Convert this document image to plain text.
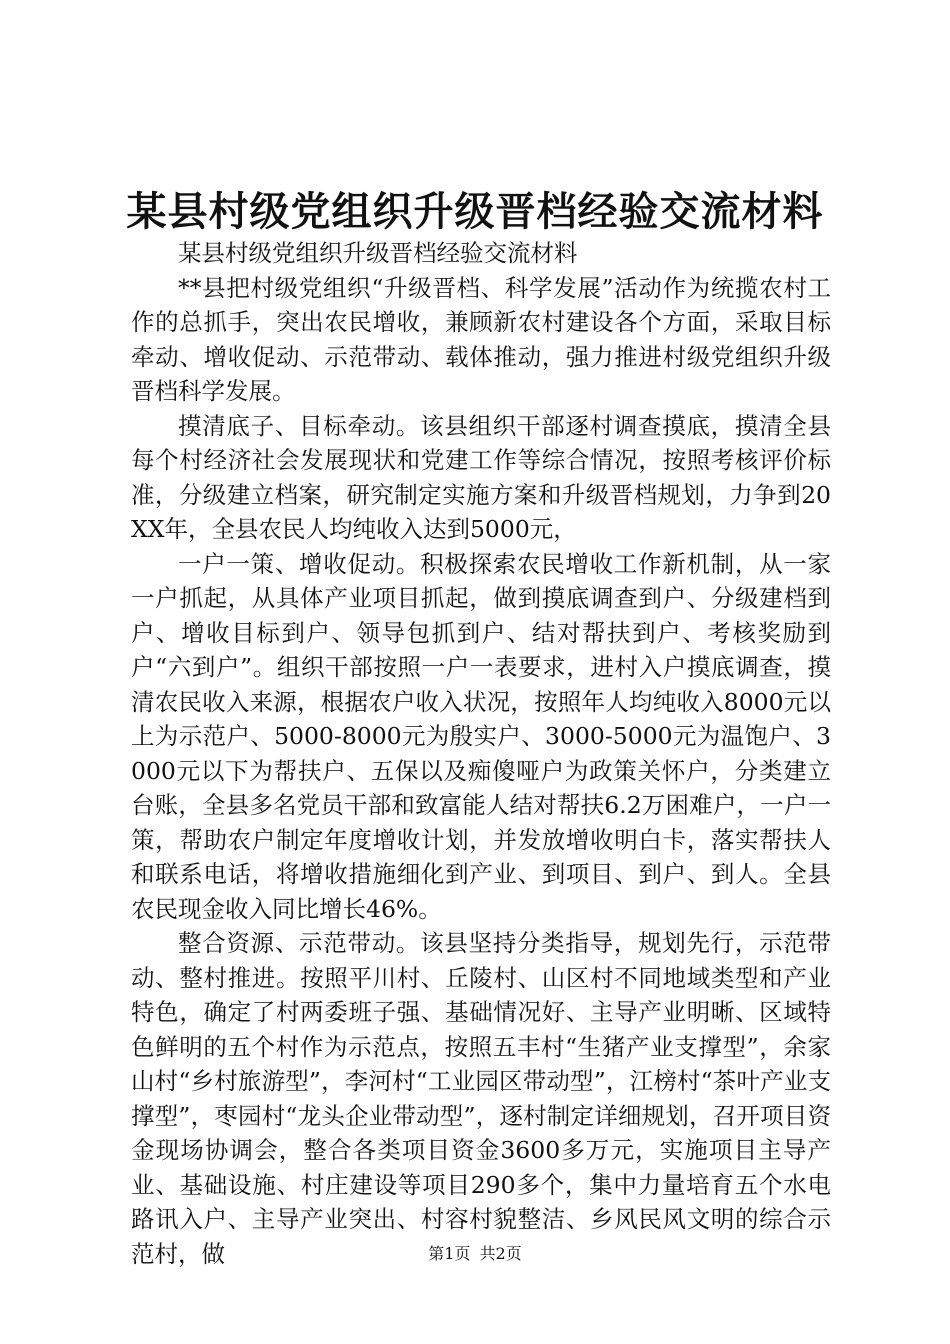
某县村级党组织升级晋档经验交流材料

某县村级党组织升级晋档经验交流材料

**县把村级党组织“升级晋档、科学发展”活动作为统揽农村工作的总抓手，突出农民增收，兼顾新农村建设各个方面，采取目标牵动、增收促动、示范带动、载体推动，强力推进村级党组织升级晋档科学发展。

摸清底子、目标牵动。该县组织干部逐村调查摸底，摸清全县每个村经济社会发展现状和党建工作等综合情况，按照考核评价标准，分级建立档案，研究制定实施方案和升级晋档规划，力争到20XX年，全县农民人均纯收入达到5000元，

一户一策、增收促动。积极探索农民增收工作新机制，从一家一户抓起，从具体产业项目抓起，做到摸底调查到户、分级建档到户、增收目标到户、领导包抓到户、结对帮扶到户、考核奖励到户“六到户”。组织干部按照一户一表要求，进村入户摸底调查，摸清农民收入来源，根据农户收入状况，按照年人均纯收入8000元以上为示范户、5000-8000元为殷实户、3000-5000元为温饱户、3000元以下为帮扶户、五保以及痴傻哑户为政策关怀户，分类建立台账，全县多名党员干部和致富能人结对帮扶6.2万困难户，一户一策，帮助农户制定年度增收计划，并发放增收明白卡，落实帮扶人和联系电话，将增收措施细化到产业、到项目、到户、到人。全县农民现金收入同比增长46%。

整合资源、示范带动。该县坚持分类指导，规划先行，示范带动、整村推进。按照平川村、丘陵村、山区村不同地域类型和产业特色，确定了村两委班子强、基础情况好、主导产业明晰、区域特色鲜明的五个村作为示范点，按照五丰村“生猪产业支撑型”，余家山村“乡村旅游型”，李河村“工业园区带动型”，江榜村“茶叶产业支撑型”，枣园村“龙头企业带动型”，逐村制定详细规划，召开项目资金现场协调会，整合各类项目资金3600多万元，实施项目主导产业、基础设施、村庄建设等项目290多个，集中力量培育五个水电路讯入户、主导产业突出、村容村貌整洁、乡风民风文明的综合示范村，做	第1页 共2页
